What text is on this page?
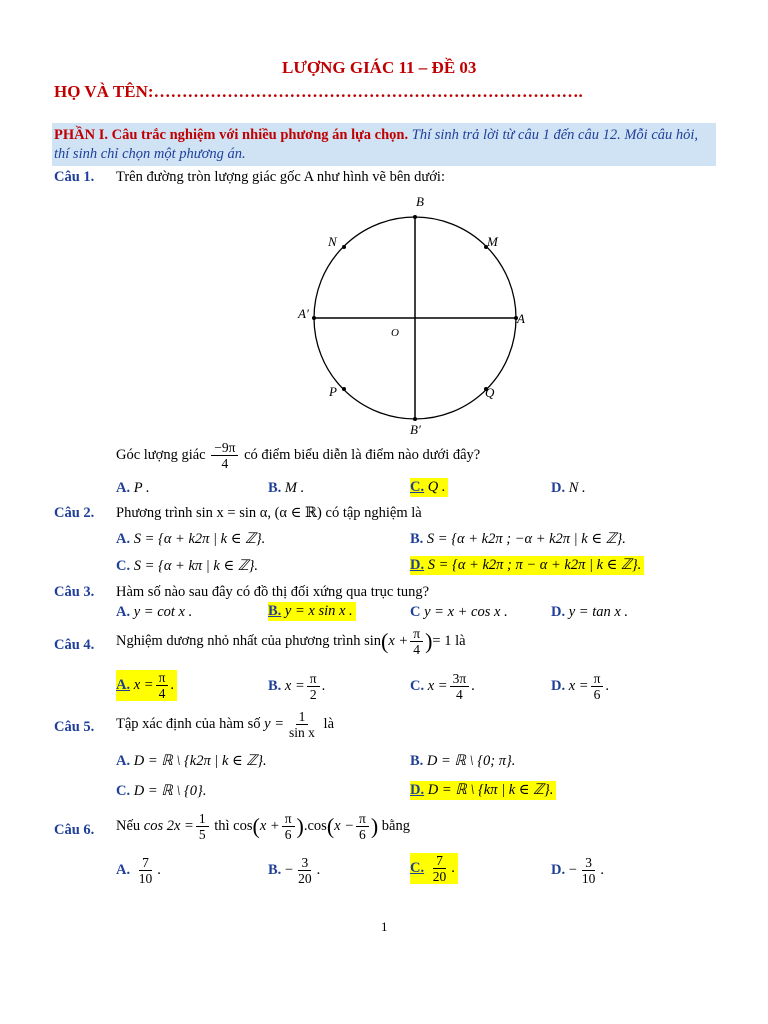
LƯỢNG GIÁC 11 – ĐỀ 03
HỌ VÀ TÊN:………………………………………………………………….
PHẦN I. Câu trắc nghiệm với nhiều phương án lựa chọn. Thí sinh trả lời từ câu 1 đến câu 12. Mỗi câu hỏi, thí sinh chỉ chọn một phương án.
Câu 1. Trên đường tròn lượng giác gốc A như hình vẽ bên dưới:
B
M
N
A′	A
O
P	Q
B′
Góc lượng giác $\frac{-9\pi}{4}$ có điểm biểu diễn là điểm nào dưới đây?
A. P .	B. M .	C. Q .	D. N .
Câu 2. Phương trình sin x = sin α, (α ∈ ℝ) có tập nghiệm là
A. S = {α + k2π | k ∈ ℤ}.	B. S = {α + k2π ; −α + k2π | k ∈ ℤ}.
C. S = {α + kπ | k ∈ ℤ}.	D. S = {α + k2π ; π − α + k2π | k ∈ ℤ}.
Câu 3. Hàm số nào sau đây có đồ thị đối xứng qua trục tung?
A. y = cot x .	B. y = x sin x .	C y = x + cos x .	D. y = tan x .
Câu 4. Nghiệm dương nhỏ nhất của phương trình $\sin(x + \frac{\pi}{4}$ )= 1 là
A. $x = \frac{\pi}{4}$ .	B. $x = \frac{\pi}{2}$ .	C. $x = \frac{3\pi}{4}$ .	D. $x = \frac{\pi}{6}$ .
Câu 5. Tập xác định của hàm số $y = \frac{1}{\text{sin x}}$ là
A. D = ℝ \ {k2π | k ∈ ℤ}.	B. D = ℝ \ {0; π}.
C. D = ℝ \ {0}.	D. D = ℝ \ {kπ | k ∈ ℤ}.
Câu 6. Nếu $\cos 2x = \frac{1}{5}$ thì $\cos(x + \frac{\pi}{6} ).\cos(x - \frac{\pi}{6}$ ) bằng
A. $\frac{7}{10}$ .	B. − $\frac{3}{20}$ .	C. $\frac{7}{20}$ .	D. − $\frac{3}{10}$ .
1
